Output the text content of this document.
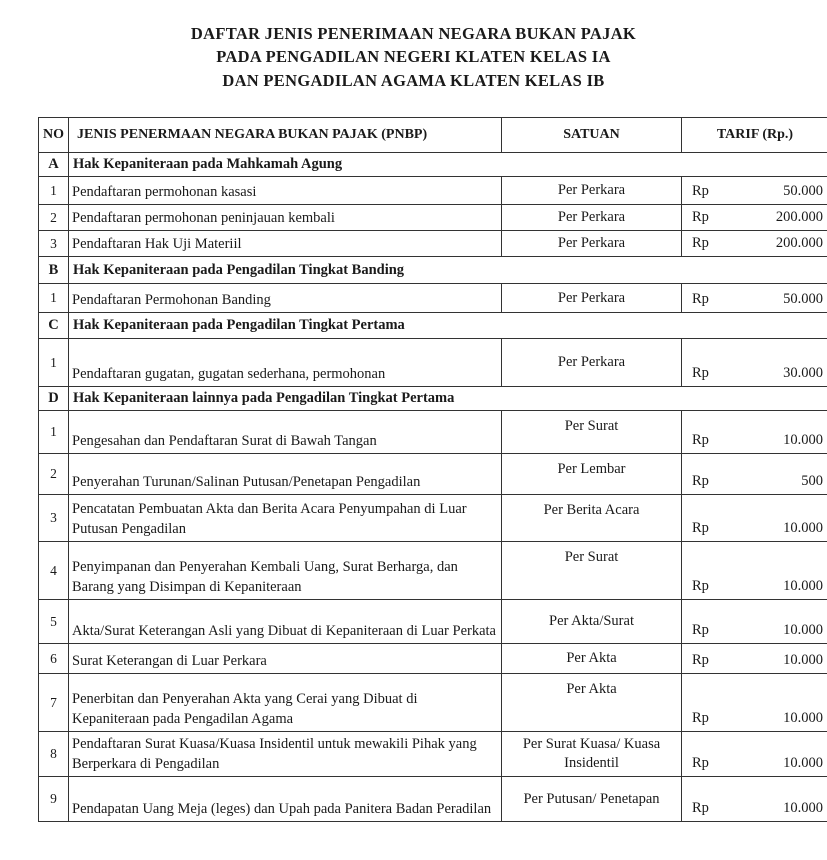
DAFTAR JENIS PENERIMAAN NEGARA BUKAN PAJAK
PADA PENGADILAN NEGERI KLATEN KELAS IA
DAN PENGADILAN AGAMA KLATEN KELAS IB
NO	JENIS PENERMAAN NEGARA BUKAN PAJAK (PNBP)	SATUAN	TARIF (Rp.)
A	Hak Kepaniteraan pada Mahkamah Agung		
1	Pendaftaran permohonan kasasi	Per Perkara	Rp 50.000

2	Pendaftaran permohonan peninjauan kembali	Per Perkara	Rp 200.000

3	Pendaftaran Hak Uji Materiil	Per Perkara	Rp 200.000

B	Hak Kepaniteraan pada Pengadilan Tingkat Banding		
1	Pendaftaran Permohonan Banding	Per Perkara	Rp 50.000

C	Hak Kepaniteraan pada Pengadilan Tingkat Pertama		
1	Pendaftaran gugatan, gugatan sederhana, permohonan	Per Perkara	Rp 30.000

D	Hak Kepaniteraan lainnya pada Pengadilan Tingkat Pertama		
1	Pengesahan dan Pendaftaran Surat di Bawah Tangan	Per Surat	Rp 10.000

2	Penyerahan Turunan/Salinan Putusan/Penetapan Pengadilan	Per Lembar	Rp 500

3	Pencatatan Pembuatan Akta dan Berita Acara Penyumpahan di Luar Putusan Pengadilan	Per Berita Acara	Rp 10.000

4	Penyimpanan dan Penyerahan Kembali Uang, Surat Berharga, dan Barang yang Disimpan di Kepaniteraan	Per Surat	Rp 10.000

5	Akta/Surat Keterangan Asli yang Dibuat di Kepaniteraan di Luar Perkata	Per Akta/Surat	Rp 10.000

6	Surat Keterangan di Luar Perkara	Per Akta	Rp 10.000

7	Penerbitan dan Penyerahan Akta yang Cerai yang Dibuat di Kepaniteraan pada Pengadilan Agama	Per Akta	Rp 10.000

8	Pendaftaran Surat Kuasa/Kuasa Insidentil untuk mewakili Pihak yang Berperkara di Pengadilan	Per Surat Kuasa/ Kuasa Insidentil	Rp 10.000

9	Pendapatan Uang Meja (leges) dan Upah pada Panitera Badan Peradilan	Per Putusan/ Penetapan	Rp 10.000
